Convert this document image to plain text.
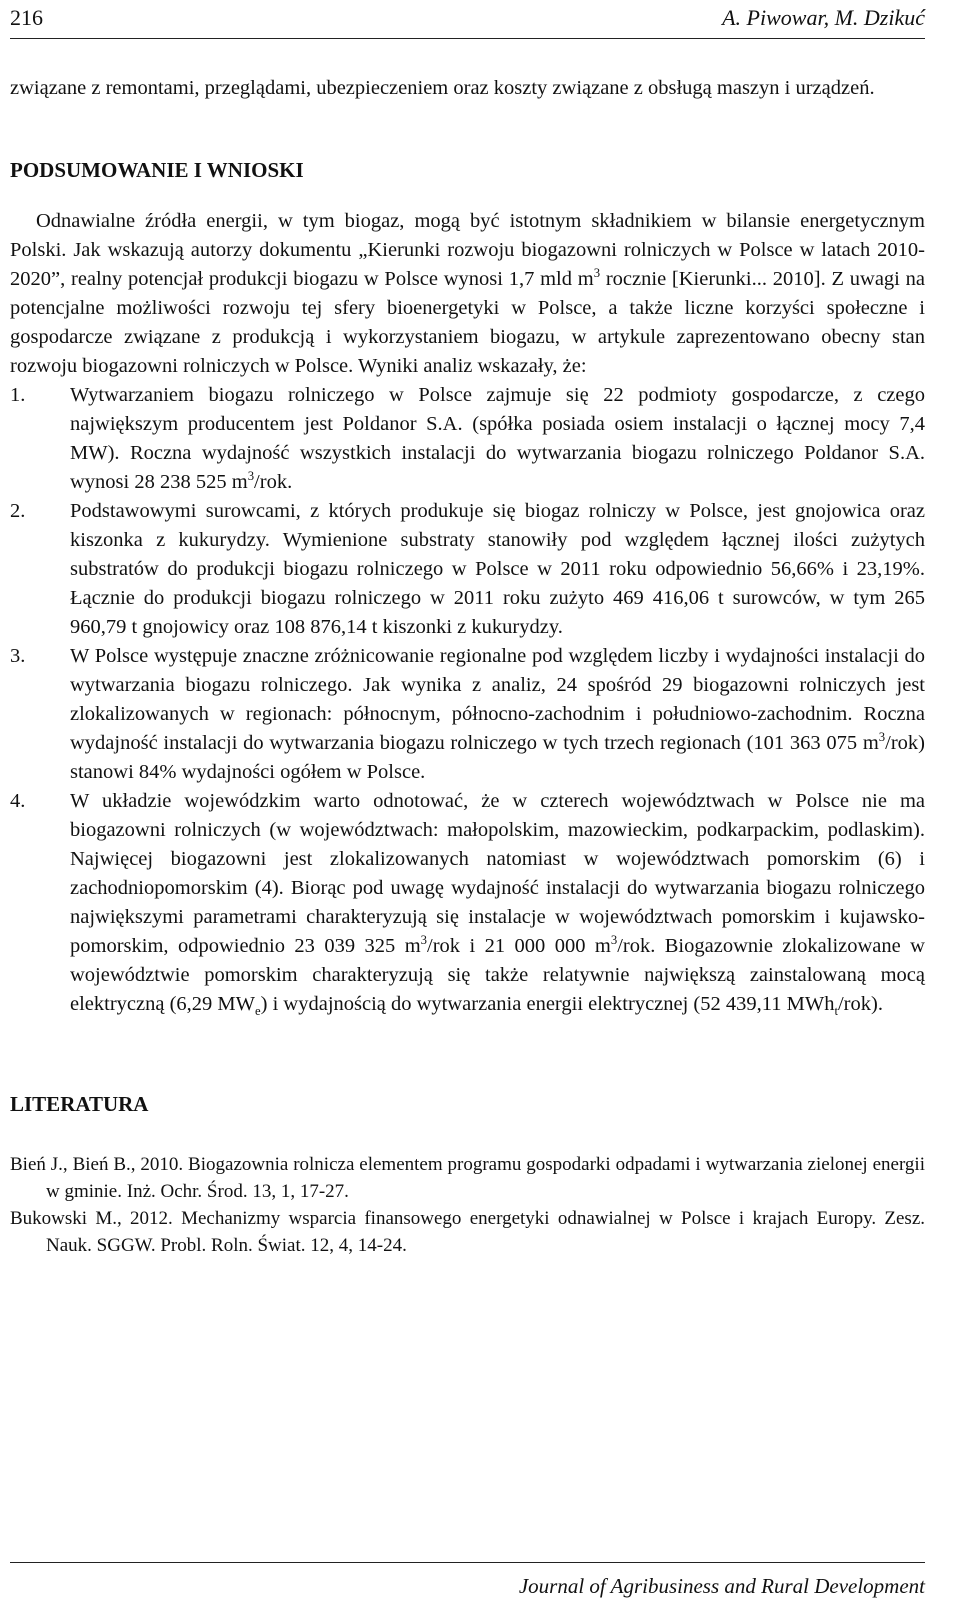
216	A. Piwowar, M. Dzikuć

związane z remontami, przeglądami, ubezpieczeniem oraz koszty związane z obsługą maszyn i urządzeń.

PODSUMOWANIE I WNIOSKI

Odnawialne źródła energii, w tym biogaz, mogą być istotnym składnikiem w bilansie energetycznym Polski. Jak wskazują autorzy dokumentu „Kierunki rozwoju biogazowni rolniczych w Polsce w latach 2010-2020”, realny potencjał produkcji biogazu w Polsce wynosi 1,7 mld $m^3$ rocznie [Kierunki... 2010]. Z uwagi na potencjalne możliwości rozwoju tej sfery bioenergetyki w Polsce, a także liczne korzyści społeczne i gospodarcze związane z produkcją i wykorzystaniem biogazu, w artykule zaprezentowano obecny stan rozwoju biogazowni rolniczych w Polsce. Wyniki analiz wskazały, że:

1.	Wytwarzaniem biogazu rolniczego w Polsce zajmuje się 22 podmioty gospodarcze, z czego największym producentem jest Poldanor S.A. (spółka posiada osiem instalacji o łącznej mocy 7,4 MW). Roczna wydajność wszystkich instalacji do wytwarzania biogazu rolniczego Poldanor S.A. wynosi 28 238 525 $m^3$/rok.
2.	Podstawowymi surowcami, z których produkuje się biogaz rolniczy w Polsce, jest gnojowica oraz kiszonka z kukurydzy. Wymienione substraty stanowiły pod względem łącznej ilości zużytych substratów do produkcji biogazu rolniczego w Polsce w 2011 roku odpowiednio 56,66% i 23,19%. Łącznie do produkcji biogazu rolniczego w 2011 roku zużyto 469 416,06 t surowców, w tym 265 960,79 t gnojowicy oraz 108 876,14 t kiszonki z kukurydzy.
3.	W Polsce występuje znaczne zróżnicowanie regionalne pod względem liczby i wydajności instalacji do wytwarzania biogazu rolniczego. Jak wynika z analiz, 24 spośród 29 biogazowni rolniczych jest zlokalizowanych w regionach: północnym, północno-zachodnim i południowo-zachodnim. Roczna wydajność instalacji do wytwarzania biogazu rolniczego w tych trzech regionach (101 363 075 $m^3/rok$) stanowi 84% wydajności ogółem w Polsce.
4.	W układzie wojewódzkim warto odnotować, że w czterech województwach w Polsce nie ma biogazowni rolniczych (w województwach: małopolskim, mazowieckim, podkarpackim, podlaskim). Najwięcej biogazowni jest zlokalizowanych natomiast w województwach pomorskim (6) i zachodniopomorskim (4). Biorąc pod uwagę wydajność instalacji do wytwarzania biogazu rolniczego największymi parametrami charakteryzują się instalacje w województwach pomorskim i kujawsko-pomorskim, odpowiednio 23 039 325 $m^3$/rok i 21 000 000 $m^3$/rok. Biogazownie zlokalizowane w województwie pomorskim charakteryzują się także relatywnie największą zainstalowaną mocą elektryczną (6,29 $MW_e$) i wydajnością do wytwarzania energii elektrycznej (52 439,11 MWh$_t$/rok).
LITERATURA

Bień J., Bień B., 2010. Biogazownia rolnicza elementem programu gospodarki odpadami i wytwarzania zielonej energii w gminie. Inż. Ochr. Środ. 13, 1, 17-27.

Bukowski M., 2012. Mechanizmy wsparcia finansowego energetyki odnawialnej w Polsce i krajach Europy. Zesz. Nauk. SGGW. Probl. Roln. Świat. 12, 4, 14-24.

Journal of Agribusiness and Rural Development
